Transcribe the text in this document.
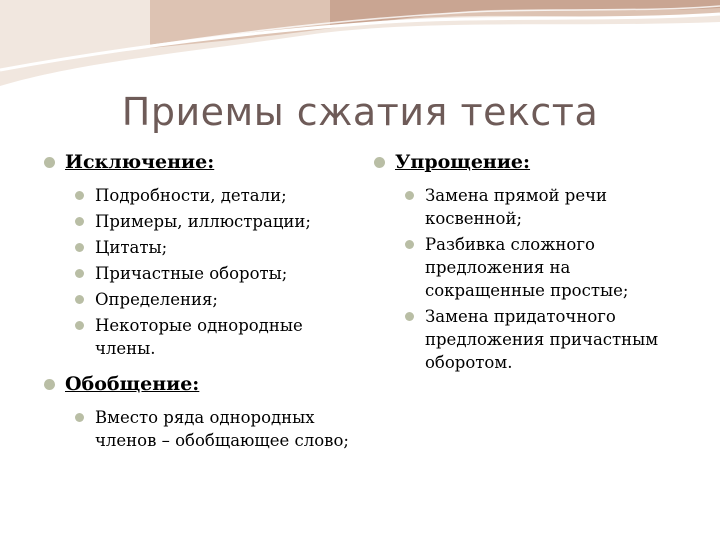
Приемы сжатия текста
Исключение:
Подробности, детали;
Примеры, иллюстрации;
Цитаты;
Причастные обороты;
Определения;
Некоторые однородные члены.
Обобщение:
Вместо ряда однородных членов – обобщающее слово;
Упрощение:
Замена прямой речи косвенной;
Разбивка сложного предложения на сокращенные простые;
Замена придаточного предложения причастным оборотом.
